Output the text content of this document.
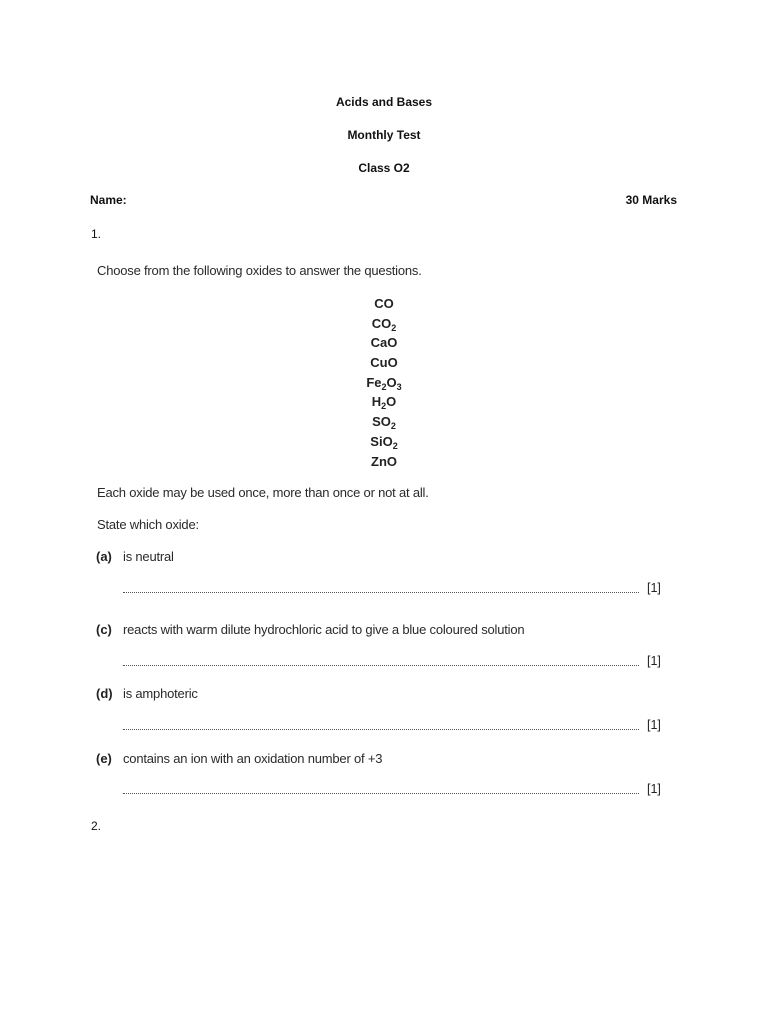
Acids and Bases
Monthly Test
Class O2
Name:	30 Marks
1.
Choose from the following oxides to answer the questions.
CO
$CO_2$
CaO
CuO
$Fe_2O_3$
$H_2O$
$SO_2$
SiO$_2$
ZnO
Each oxide may be used once, more than once or not at all.
State which oxide:
(a) is neutral
[1]
(c) reacts with warm dilute hydrochloric acid to give a blue coloured solution
[1]
(d) is amphoteric
[1]
(e) contains an ion with an oxidation number of +3
[1]
2.
